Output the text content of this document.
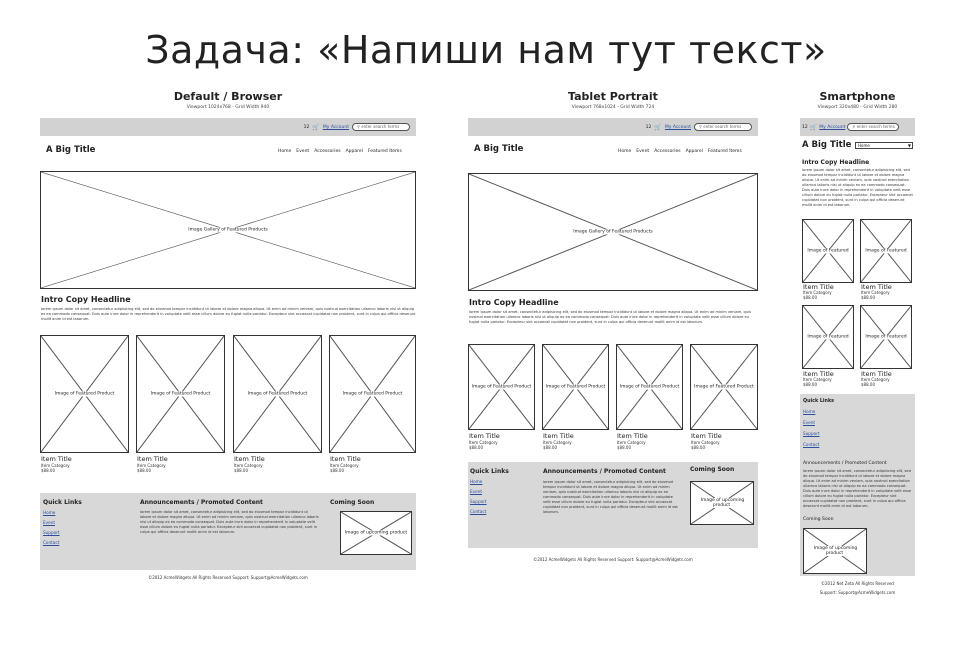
Задача: «Напиши нам тут текст»
Default / Browser
Viewport 1024x768 - Grid Width 940
12 🛒 My Account	⚲ enter search terms
A Big Title	Home Event Accessories Apparel Featured Items
Image Gallery of Featured Products
Intro Copy Headline
lorem ipsum dolor sit amet, consectetur adipisicing elit, sed do eiusmod tempor incididunt ut labore et dolore magna aliqua. Ut enim ad minim veniam, quis nostrud exercitation ullamco laboris nisi ut aliquip ex ea commodo consequat. Duis aute irure dolor in reprehenderit in voluptate velit esse cillum dolore eu fugiat nulla pariatur. Excepteur sint occaecat cupidatat non proident, sunt in culpa qui officia deserunt mollit anim id est laborum.
Image of Featured Product	Image of Featured Product	Image of Featured Product	Image of Featured Product
Item Title
Item Category
$88.00
Item Title
Item Category
$88.00
Item Title
Item Category
$88.00
Item Title
Item Category
$88.00
Quick Links
Home
Event
Support
Contact
Announcements / Promoted Content
lorem ipsum dolor sit amet, consectetur adipisicing elit, sed do eiusmod tempor incididunt ut labore et dolore magna aliqua. Ut enim ad minim veniam, quis nostrud exercitation ullamco laboris nisi ut aliquip ex ea commodo consequat. Duis aute irure dolor in reprehenderit in voluptate velit esse cillum dolore eu fugiat nulla pariatur. Excepteur sint occaecat cupidatat non proident, sunt in culpa qui officia deserunt mollit anim id est laborum.
Coming Soon
Image of upcoming product
©2012 AcmeWidgets All Rights Reserved Support: Support@AcmeWidgets.com
Tablet Portrait
Viewport 768x1024 - Grid Width 724
12 🛒 My Account	⚲ enter search terms
A Big Title	Home Event Accessories Apparel Featured Items
Image Gallery of Featured Products
Intro Copy Headline
lorem ipsum dolor sit amet, consectetur adipisicing elit, sed do eiusmod tempor incididunt ut labore et dolore magna aliqua. Ut enim ad minim veniam, quis nostrud exercitation ullamco laboris nisi ut aliquip ex ea commodo consequat. Duis aute irure dolor in reprehenderit in voluptate velit esse cillum dolore eu fugiat nulla pariatur. Excepteur sint occaecat cupidatat non proident, sunt in culpa qui officia deserunt mollit anim id est laborum.
Image of Featured Product	Image of Featured Product	Image of Featured Product	Image of Featured Product
Item Title
Item Category
$88.00
Item Title
Item Category
$88.00
Item Title
Item Category
$88.00
Item Title
Item Category
$88.00
Quick Links
Home
Event
Support
Contact
Announcements / Promoted Content
lorem ipsum dolor sit amet, consectetur adipisicing elit, sed do eiusmod tempor incididunt ut labore et dolore magna aliqua. Ut enim ad minim veniam, quis nostrud exercitation ullamco laboris nisi ut aliquip ex ea commodo consequat. Duis aute irure dolor in reprehenderit in voluptate velit esse cillum dolore eu fugiat nulla pariatur. Excepteur sint occaecat cupidatat non proident, sunt in culpa qui officia deserunt mollit anim id est laborum.
Coming Soon
Image of upcoming product
©2012 AcmeWidgets All Rights Reserved Support: Support@AcmeWidgets.com
Smartphone
Viewport 320x480 - Grid Width 280
12 🛒 My Account	⚲ enter search terms
A Big Title	Home ▼
Intro Copy Headline
lorem ipsum dolor sit amet, consectetur adipisicing elit, sed do eiusmod tempor incididunt ut labore et dolore magna aliqua. Ut enim ad minim veniam, quis nostrud exercitation ullamco laboris nisi ut aliquip ex ea commodo consequat. Duis aute irure dolor in reprehenderit in voluptate velit esse cillum dolore eu fugiat nulla pariatur. Excepteur sint occaecat cupidatat non proident, sunt in culpa qui officia deserunt mollit anim id est laborum.
Image of Featured	Image of Featured
Item Title
Item Category
$88.00
Item Title
Item Category
$88.00
Image of Featured	Image of Featured
Item Title
Item Category
$88.00
Item Title
Item Category
$88.00
Quick Links
Home
Event
Support
Contact
Announcements / Promoted Content
lorem ipsum dolor sit amet, consectetur adipisicing elit, sed do eiusmod tempor incididunt ut labore et dolore magna aliqua. Ut enim ad minim veniam, quis nostrud exercitation ullamco laboris nisi ut aliquip ex ea commodo consequat. Duis aute irure dolor in reprehenderit in voluptate velit esse cillum dolore eu fugiat nulla pariatur. Excepteur sint occaecat cupidatat non proident, sunt in culpa qui officia deserunt mollit anim id est laborum.
Coming Soon
Image of upcoming product
©2012 Net Zeta All Rights Reserved
Support: Support@AcmeWidgets.com
